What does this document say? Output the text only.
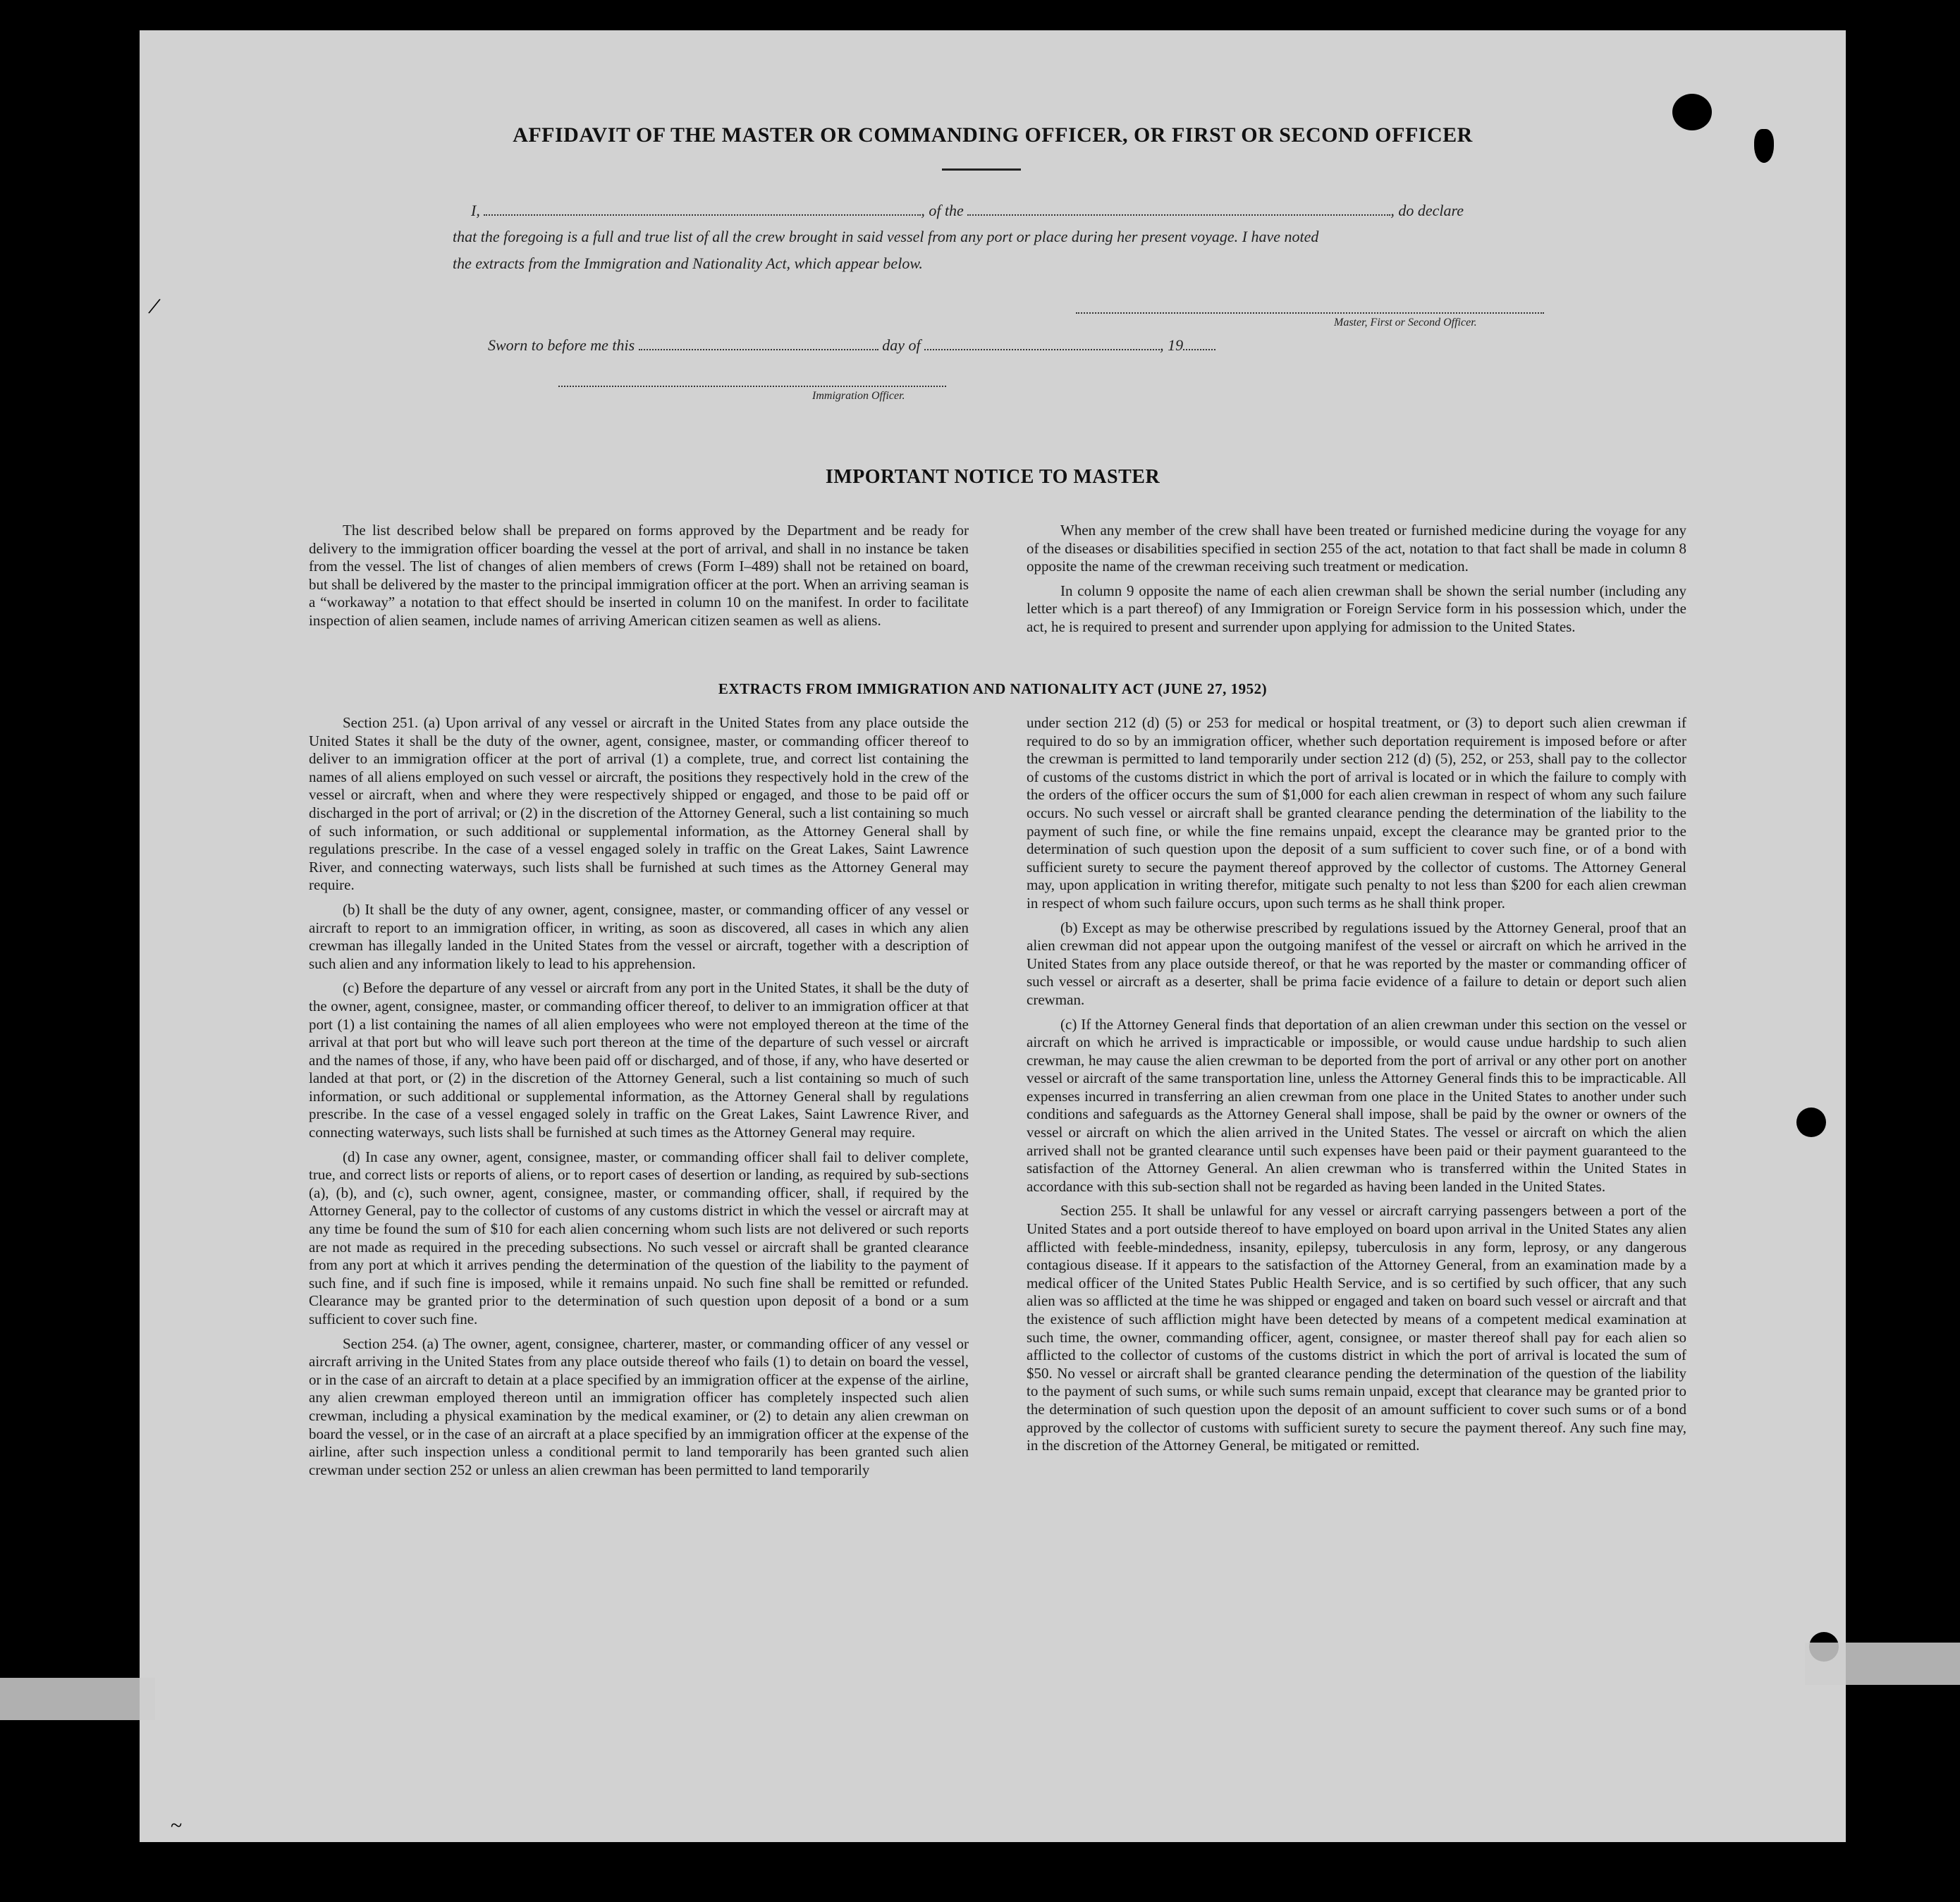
AFFIDAVIT OF THE MASTER OR COMMANDING OFFICER, OR FIRST OR SECOND OFFICER
I,	, of the	, do declare
that the foregoing is a full and true list of all the crew brought in said vessel from any port or place during her present voyage. I have noted
the extracts from the Immigration and Nationality Act, which appear below.
Master, First or Second Officer.
Sworn to before me this	day of	, 19
Immigration Officer.
IMPORTANT NOTICE TO MASTER

The list described below shall be prepared on forms approved by the Department and be ready for delivery to the immigration officer boarding the vessel at the port of arrival, and shall in no instance be taken from the vessel. The list of changes of alien members of crews (Form I–489) shall not be retained on board, but shall be delivered by the master to the principal immigration officer at the port. When an arriving seaman is a “workaway” a notation to that effect should be inserted in column 10 on the manifest. In order to facilitate inspection of alien seamen, include names of arriving American citizen seamen as well as aliens.

When any member of the crew shall have been treated or furnished medicine during the voyage for any of the diseases or disabilities specified in section 255 of the act, notation to that fact shall be made in column 8 opposite the name of the crewman receiving such treatment or medication.

In column 9 opposite the name of each alien crewman shall be shown the serial number (including any letter which is a part thereof) of any Immigration or Foreign Service form in his possession which, under the act, he is required to present and surrender upon applying for admission to the United States.

EXTRACTS FROM IMMIGRATION AND NATIONALITY ACT (JUNE 27, 1952)

Section 251. (a) Upon arrival of any vessel or aircraft in the United States from any place outside the United States it shall be the duty of the owner, agent, consignee, master, or commanding officer thereof to deliver to an immigration officer at the port of arrival (1) a complete, true, and correct list containing the names of all aliens employed on such vessel or aircraft, the positions they respectively hold in the crew of the vessel or aircraft, when and where they were respectively shipped or engaged, and those to be paid off or discharged in the port of arrival; or (2) in the discretion of the Attorney General, such a list containing so much of such information, or such additional or supplemental information, as the Attorney General shall by regulations prescribe. In the case of a vessel engaged solely in traffic on the Great Lakes, Saint Lawrence River, and connecting waterways, such lists shall be furnished at such times as the Attorney General may require.

(b) It shall be the duty of any owner, agent, consignee, master, or commanding officer of any vessel or aircraft to report to an immigration officer, in writing, as soon as discovered, all cases in which any alien crewman has illegally landed in the United States from the vessel or aircraft, together with a description of such alien and any information likely to lead to his apprehension.

(c) Before the departure of any vessel or aircraft from any port in the United States, it shall be the duty of the owner, agent, consignee, master, or commanding officer thereof, to deliver to an immigration officer at that port (1) a list containing the names of all alien employees who were not employed thereon at the time of the arrival at that port but who will leave such port thereon at the time of the departure of such vessel or aircraft and the names of those, if any, who have been paid off or discharged, and of those, if any, who have deserted or landed at that port, or (2) in the discretion of the Attorney General, such a list containing so much of such information, or such additional or supplemental information, as the Attorney General shall by regulations prescribe. In the case of a vessel engaged solely in traffic on the Great Lakes, Saint Lawrence River, and connecting waterways, such lists shall be furnished at such times as the Attorney General may require.

(d) In case any owner, agent, consignee, master, or commanding officer shall fail to deliver complete, true, and correct lists or reports of aliens, or to report cases of desertion or landing, as required by sub-sections (a), (b), and (c), such owner, agent, consignee, master, or commanding officer, shall, if required by the Attorney General, pay to the collector of customs of any customs district in which the vessel or aircraft may at any time be found the sum of $10 for each alien concerning whom such lists are not delivered or such reports are not made as required in the preceding subsections. No such vessel or aircraft shall be granted clearance from any port at which it arrives pending the determination of the question of the liability to the payment of such fine, and if such fine is imposed, while it remains unpaid. No such fine shall be remitted or refunded. Clearance may be granted prior to the determination of such question upon deposit of a bond or a sum sufficient to cover such fine.

Section 254. (a) The owner, agent, consignee, charterer, master, or commanding officer of any vessel or aircraft arriving in the United States from any place outside thereof who fails (1) to detain on board the vessel, or in the case of an aircraft to detain at a place specified by an immigration officer at the expense of the airline, any alien crewman employed thereon until an immigration officer has completely inspected such alien crewman, including a physical examination by the medical examiner, or (2) to detain any alien crewman on board the vessel, or in the case of an aircraft at a place specified by an immigration officer at the expense of the airline, after such inspection unless a conditional permit to land temporarily has been granted such alien crewman under section 252 or unless an alien crewman has been permitted to land temporarily

under section 212 (d) (5) or 253 for medical or hospital treatment, or (3) to deport such alien crewman if required to do so by an immigration officer, whether such deportation requirement is imposed before or after the crewman is permitted to land temporarily under section 212 (d) (5), 252, or 253, shall pay to the collector of customs of the customs district in which the port of arrival is located or in which the failure to comply with the orders of the officer occurs the sum of $1,000 for each alien crewman in respect of whom any such failure occurs. No such vessel or aircraft shall be granted clearance pending the determination of the liability to the payment of such fine, or while the fine remains unpaid, except the clearance may be granted prior to the determination of such question upon the deposit of a sum sufficient to cover such fine, or of a bond with sufficient surety to secure the payment thereof approved by the collector of customs. The Attorney General may, upon application in writing therefor, mitigate such penalty to not less than $200 for each alien crewman in respect of whom such failure occurs, upon such terms as he shall think proper.

(b) Except as may be otherwise prescribed by regulations issued by the Attorney General, proof that an alien crewman did not appear upon the outgoing manifest of the vessel or aircraft on which he arrived in the United States from any place outside thereof, or that he was reported by the master or commanding officer of such vessel or aircraft as a deserter, shall be prima facie evidence of a failure to detain or deport such alien crewman.

(c) If the Attorney General finds that deportation of an alien crewman under this section on the vessel or aircraft on which he arrived is impracticable or impossible, or would cause undue hardship to such alien crewman, he may cause the alien crewman to be deported from the port of arrival or any other port on another vessel or aircraft of the same transportation line, unless the Attorney General finds this to be impracticable. All expenses incurred in transferring an alien crewman from one place in the United States to another under such conditions and safeguards as the Attorney General shall impose, shall be paid by the owner or owners of the vessel or aircraft on which the alien arrived in the United States. The vessel or aircraft on which the alien arrived shall not be granted clearance until such expenses have been paid or their payment guaranteed to the satisfaction of the Attorney General. An alien crewman who is transferred within the United States in accordance with this sub-section shall not be regarded as having been landed in the United States.

Section 255. It shall be unlawful for any vessel or aircraft carrying passengers between a port of the United States and a port outside thereof to have employed on board upon arrival in the United States any alien afflicted with feeble-mindedness, insanity, epilepsy, tuberculosis in any form, leprosy, or any dangerous contagious disease. If it appears to the satisfaction of the Attorney General, from an examination made by a medical officer of the United States Public Health Service, and is so certified by such officer, that any such alien was so afflicted at the time he was shipped or engaged and taken on board such vessel or aircraft and that the existence of such affliction might have been detected by means of a competent medical examination at such time, the owner, commanding officer, agent, consignee, or master thereof shall pay for each alien so afflicted to the collector of customs of the customs district in which the port of arrival is located the sum of $50. No vessel or aircraft shall be granted clearance pending the determination of the question of the liability to the payment of such sums, or while such sums remain unpaid, except that clearance may be granted prior to the determination of such question upon the deposit of an amount sufficient to cover such sums or of a bond approved by the collector of customs with sufficient surety to secure the payment thereof. Any such fine may, in the discretion of the Attorney General, be mitigated or remitted.

/
~
